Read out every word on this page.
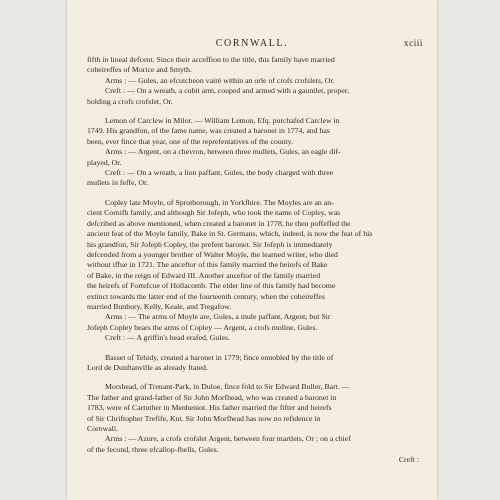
CORNWALL.	xciii
fifth in lineal defcent. Since their acceffion to the title, this family have married
coheireffes of Morice and Smyth.
Arms : — Gules, an efcutcheon vairé within an orle of crofs crofslets, Or.
Creft : — On a wreath, a cubit arm, couped and armed with a gauntlet, proper,
holding a crofs crofslet, Or.
Lemon of Carclew in Milor. — William Lemon, Efq. purchafed Carclew in
1749. His grandfon, of the fame name, was created a baronet in 1774, and has
been, ever fince that year, one of the reprefentatives of the county.
Arms : — Argent, on a chevron, between three mullets, Gules, an eagle dif-
played, Or.
Creft : — On a wreath, a lion paffant, Gules, the body charged with three
mullets in feffe, Or.
Copley late Moyle, of Sprotborough, in Yorkfhire. The Moyles are an an-
cient Cornifh family, and although Sir Jofeph, who took the name of Copley, was
defcribed as above mentioned, when created a baronet in 1778, he then poffeffed the
ancient feat of the Moyle family, Bake in St. Germans, which, indeed, is now the feat of his
his grandfon, Sir Jofeph Copley, the prefent baronet. Sir Jofeph is immediately
defcended from a younger brother of Walter Moyle, the learned writer, who died
without iffue in 1721. The anceftor of this family married the heirefs of Bake
of Bake, in the reign of Edward III. Another anceftor of the family married
the heirefs of Fortefcue of Hollacomb. The elder line of this family had become
extinct towards the latter end of the fourteenth century, when the coheireffes
married Bunbury, Kelly, Keale, and Tregafow.
Arms : — The arms of Moyle are, Gules, a mule paffant, Argent; but Sir
Jofeph Copley bears the arms of Copley — Argent, a crofs moline, Gules.
Creft : — A griffin's head erafed, Gules.
Basset of Tehidy, created a baronet in 1779; fince ennobled by the title of
Lord de Dunftanville as already ftated.
Morshead, of Trenant-Park, in Duloe, fince fold to Sir Edward Buller, Bart. —
The father and grand-father of Sir John Morfhead, who was created a baronet in
1783, were of Cartuther in Menheniot. His father married the fifter and heirefs
of Sir Chriftopher Trefife, Knt. Sir John Morfhead has now no refidence in
Cornwall.
Arms : — Azure, a crofs crofslet Argent, between four martlets, Or ; on a chief
of the fecond, three efcallop-fhells, Gules.
Creft :
